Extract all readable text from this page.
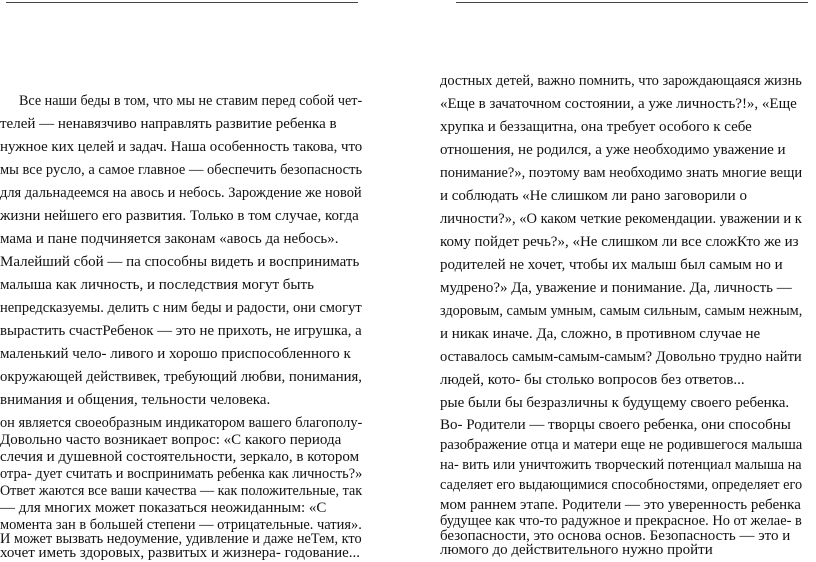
Все наши беды в том, что мы не ставим перед собой чет-
телей — ненавязчиво направлять развитие ребенка в
нужное ких целей и задач. Наша особенность такова, что
мы все русло, а самое главное — обеспечить безопасность
для дальнадеемся на авось и небось. Зарождение же новой
жизни нейшего его развития. Только в том случае, когда
мама и пане подчиняется законам «авось да небось».
Малейший сбой — па способны видеть и воспринимать
малыша как личность, и последствия могут быть
непредсказуемы. делить с ним беды и радости, они смогут
вырастить счастРебенок — это не прихоть, не игрушка, а
маленький чело- ливого и хорошо приспособленного к
окружающей действивек, требующий любви, понимания,
внимания и общения, тельности человека.
он является своеобразным индикатором вашего благополу-
Довольно часто возникает вопрос: «С какого периода
слечия и душевной состоятельности, зеркало, в котором
отра- дует считать и воспринимать ребенка как личность?»
Ответ жаются все ваши качества — как положительные, так
— для многих может показаться неожиданным: «С
момента зан в большей степени — отрицательные. чатия».
И может вызвать недоумение, удивление и даже неТем, кто
хочет иметь здоровых, развитых и жизнера- годование...
достных детей, важно помнить, что зарождающаяся жизнь
«Еще в зачаточном состоянии, а уже личность?!», «Еще
хрупка и беззащитна, она требует особого к себе
отношения, не родился, а уже необходимо уважение и
понимание?», поэтому вам необходимо знать многие вещи
и соблюдать «Не слишком ли рано заговорили о
личности?», «О каком четкие рекомендации. уважении и к
кому пойдет речь?», «Не слишком ли все сложКто же из
родителей не хочет, чтобы их малыш был самым но и
мудрено?» Да, уважение и понимание. Да, личность —
здоровым, самым умным, самым сильным, самым нежным,
и никак иначе. Да, сложно, в противном случае не
оставалось самым-самым-самым? Довольно трудно найти
людей, кото- бы столько вопросов без ответов...
рые были бы безразличны к будущему своего ребенка.
Во- Родители — творцы своего ребенка, они способны
разображение отца и матери еще не родившегося малыша
на- вить или уничтожить творческий потенциал малыша на
саделяет его выдающимися способностями, определяет его
мом раннем этапе. Родители — это уверенность ребенка
будущее как что-то радужное и прекрасное. Но от желае- в
безопасности, это основа основ. Безопасность — это и
люмого до действительного нужно пройти
